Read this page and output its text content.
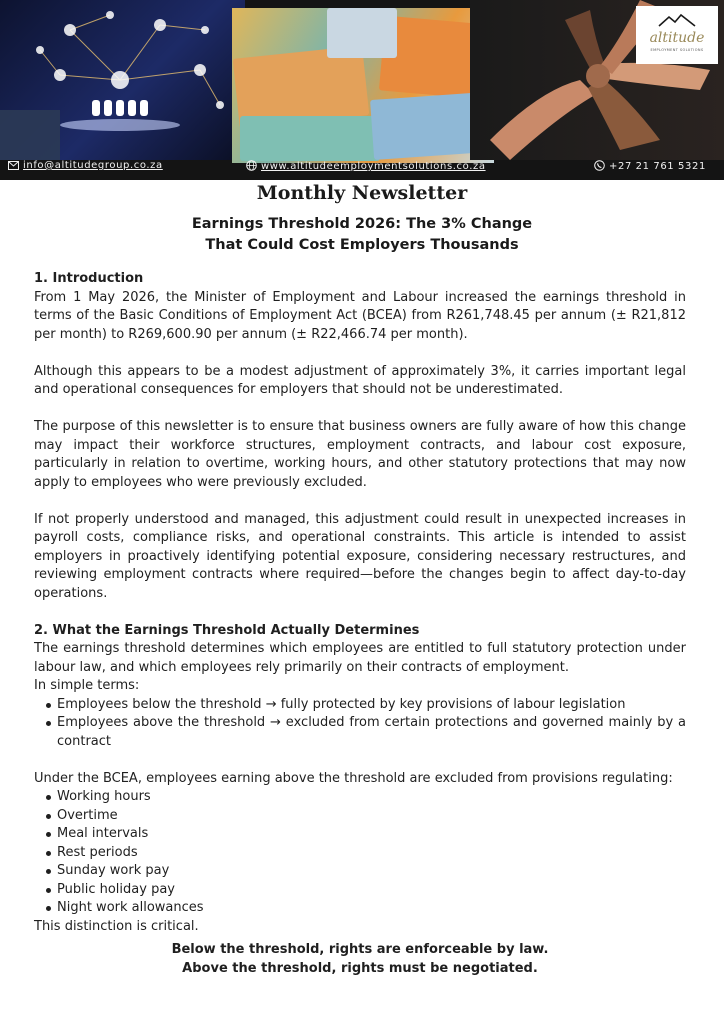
altitude
EMPLOYMENT SOLUTIONS
info@altitudegroup.co.za	www.altitudeemploymentsolutions.co.za	+27 21 761 5321
Monthly Newsletter
Earnings Threshold 2026: The 3% Change
That Could Cost Employers Thousands
1. Introduction

From 1 May 2026, the Minister of Employment and Labour increased the earnings threshold in terms of the Basic Conditions of Employment Act (BCEA) from R261,748.45 per annum (± R21,812 per month) to R269,600.90 per annum (± R22,466.74 per month).

Although this appears to be a modest adjustment of approximately 3%, it carries important legal and operational consequences for employers that should not be underestimated.

The purpose of this newsletter is to ensure that business owners are fully aware of how this change may impact their workforce structures, employment contracts, and labour cost exposure, particularly in relation to overtime, working hours, and other statutory protections that may now apply to employees who were previously excluded.

If not properly understood and managed, this adjustment could result in unexpected increases in payroll costs, compliance risks, and operational constraints. This article is intended to assist employers in proactively identifying potential exposure, considering necessary restructures, and reviewing employment contracts where required—before the changes begin to affect day-to-day operations.

2. What the Earnings Threshold Actually Determines

The earnings threshold determines which employees are entitled to full statutory protection under labour law, and which employees rely primarily on their contracts of employment.

In simple terms:

Employees below the threshold → fully protected by key provisions of labour legislation
Employees above the threshold → excluded from certain protections and governed mainly by a contract

Under the BCEA, employees earning above the threshold are excluded from provisions regulating:

Working hours
Overtime
Meal intervals
Rest periods
Sunday work pay
Public holiday pay
Night work allowances

This distinction is critical.

Below the threshold, rights are enforceable by law.
Above the threshold, rights must be negotiated.
